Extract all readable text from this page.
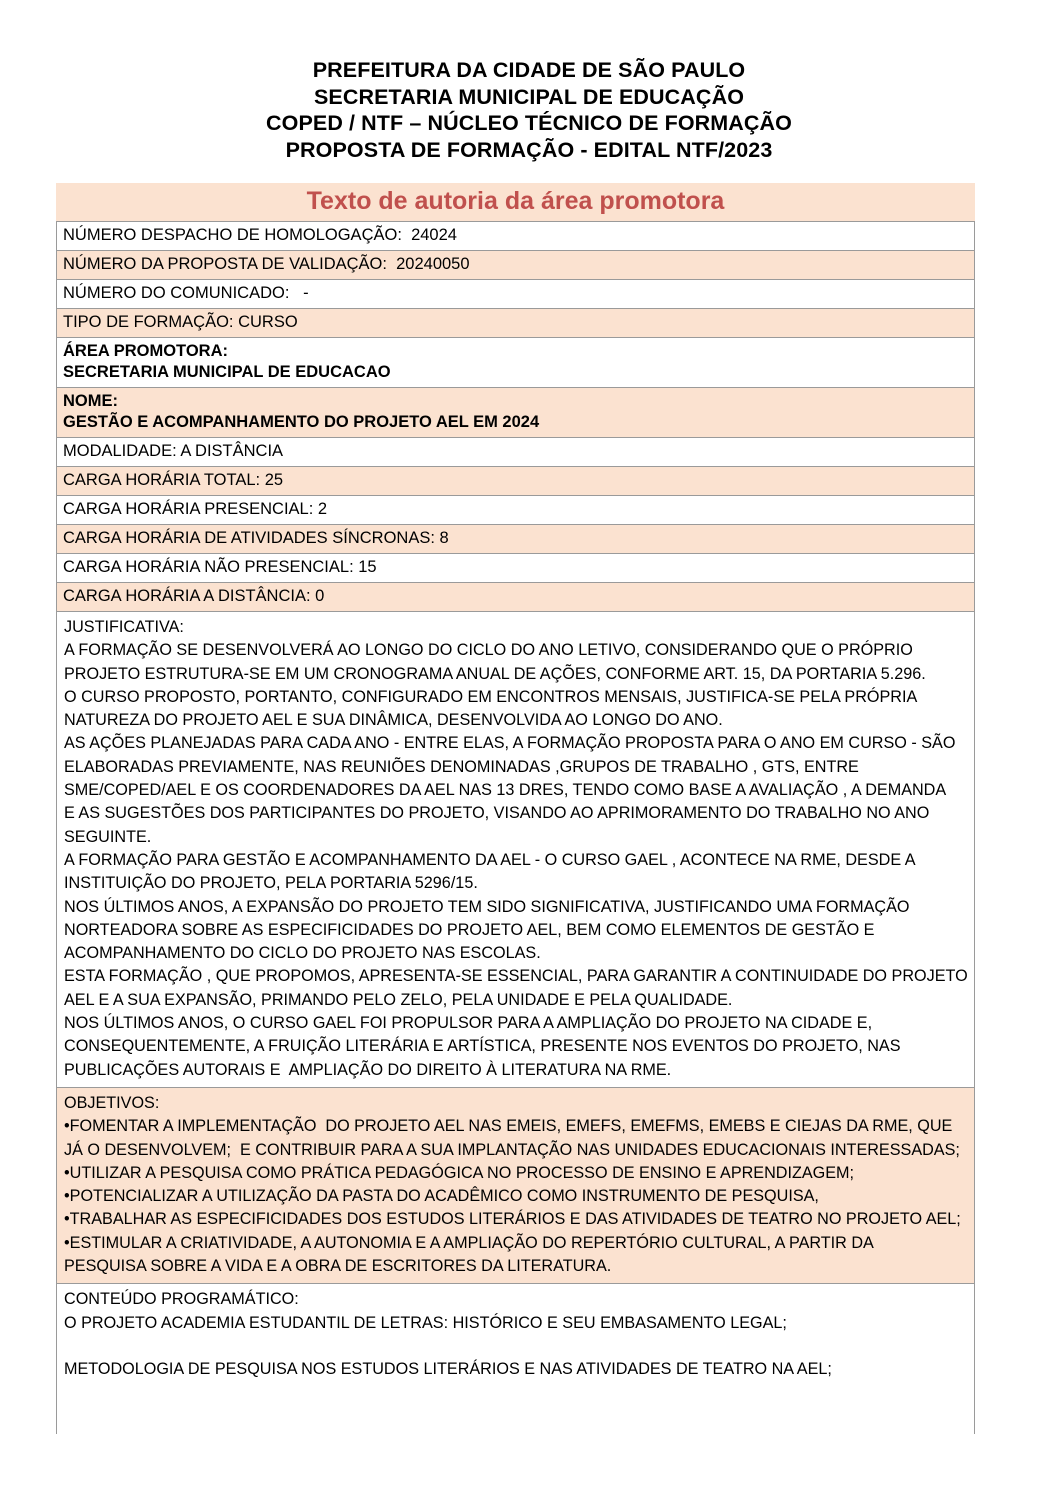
PREFEITURA DA CIDADE DE SÃO PAULO
SECRETARIA MUNICIPAL DE EDUCAÇÃO
COPED / NTF – NÚCLEO TÉCNICO DE FORMAÇÃO
PROPOSTA DE FORMAÇÃO - EDITAL NTF/2023
Texto de autoria da área promotora
NÚMERO DESPACHO DE HOMOLOGAÇÃO:  24024
NÚMERO DA PROPOSTA DE VALIDAÇÃO:  20240050
NÚMERO DO COMUNICADO:   -
TIPO DE FORMAÇÃO: CURSO
ÁREA PROMOTORA:
SECRETARIA MUNICIPAL DE EDUCACAO
NOME:
GESTÃO E ACOMPANHAMENTO DO PROJETO AEL EM 2024
MODALIDADE: A DISTÂNCIA
CARGA HORÁRIA TOTAL: 25
CARGA HORÁRIA PRESENCIAL: 2
CARGA HORÁRIA DE ATIVIDADES SÍNCRONAS: 8
CARGA HORÁRIA NÃO PRESENCIAL: 15
CARGA HORÁRIA A DISTÂNCIA: 0
JUSTIFICATIVA:
A FORMAÇÃO SE DESENVOLVERÁ AO LONGO DO CICLO DO ANO LETIVO, CONSIDERANDO QUE O PRÓPRIO
PROJETO ESTRUTURA-SE EM UM CRONOGRAMA ANUAL DE AÇÕES, CONFORME ART. 15, DA PORTARIA 5.296.
O CURSO PROPOSTO, PORTANTO, CONFIGURADO EM ENCONTROS MENSAIS, JUSTIFICA-SE PELA PRÓPRIA
NATUREZA DO PROJETO AEL E SUA DINÂMICA, DESENVOLVIDA AO LONGO DO ANO.
AS AÇÕES PLANEJADAS PARA CADA ANO - ENTRE ELAS, A FORMAÇÃO PROPOSTA PARA O ANO EM CURSO - SÃO
ELABORADAS PREVIAMENTE, NAS REUNIÕES DENOMINADAS ,GRUPOS DE TRABALHO , GTS, ENTRE
SME/COPED/AEL E OS COORDENADORES DA AEL NAS 13 DRES, TENDO COMO BASE A AVALIAÇÃO , A DEMANDA
E AS SUGESTÕES DOS PARTICIPANTES DO PROJETO, VISANDO AO APRIMORAMENTO DO TRABALHO NO ANO
SEGUINTE.
A FORMAÇÃO PARA GESTÃO E ACOMPANHAMENTO DA AEL - O CURSO GAEL , ACONTECE NA RME, DESDE A
INSTITUIÇÃO DO PROJETO, PELA PORTARIA 5296/15.
NOS ÚLTIMOS ANOS, A EXPANSÃO DO PROJETO TEM SIDO SIGNIFICATIVA, JUSTIFICANDO UMA FORMAÇÃO
NORTEADORA SOBRE AS ESPECIFICIDADES DO PROJETO AEL, BEM COMO ELEMENTOS DE GESTÃO E
ACOMPANHAMENTO DO CICLO DO PROJETO NAS ESCOLAS.
ESTA FORMAÇÃO , QUE PROPOMOS, APRESENTA-SE ESSENCIAL, PARA GARANTIR A CONTINUIDADE DO PROJETO
AEL E A SUA EXPANSÃO, PRIMANDO PELO ZELO, PELA UNIDADE E PELA QUALIDADE.
NOS ÚLTIMOS ANOS, O CURSO GAEL FOI PROPULSOR PARA A AMPLIAÇÃO DO PROJETO NA CIDADE E,
CONSEQUENTEMENTE, A FRUIÇÃO LITERÁRIA E ARTÍSTICA, PRESENTE NOS EVENTOS DO PROJETO, NAS
PUBLICAÇÕES AUTORAIS E  AMPLIAÇÃO DO DIREITO À LITERATURA NA RME.
OBJETIVOS:
•FOMENTAR A IMPLEMENTAÇÃO  DO PROJETO AEL NAS EMEIS, EMEFS, EMEFMS, EMEBS E CIEJAS DA RME, QUE
JÁ O DESENVOLVEM;  E CONTRIBUIR PARA A SUA IMPLANTAÇÃO NAS UNIDADES EDUCACIONAIS INTERESSADAS;
•UTILIZAR A PESQUISA COMO PRÁTICA PEDAGÓGICA NO PROCESSO DE ENSINO E APRENDIZAGEM;
•POTENCIALIZAR A UTILIZAÇÃO DA PASTA DO ACADÊMICO COMO INSTRUMENTO DE PESQUISA,
•TRABALHAR AS ESPECIFICIDADES DOS ESTUDOS LITERÁRIOS E DAS ATIVIDADES DE TEATRO NO PROJETO AEL;
•ESTIMULAR A CRIATIVIDADE, A AUTONOMIA E A AMPLIAÇÃO DO REPERTÓRIO CULTURAL, A PARTIR DA
PESQUISA SOBRE A VIDA E A OBRA DE ESCRITORES DA LITERATURA.
CONTEÚDO PROGRAMÁTICO:
O PROJETO ACADEMIA ESTUDANTIL DE LETRAS: HISTÓRICO E SEU EMBASAMENTO LEGAL;
METODOLOGIA DE PESQUISA NOS ESTUDOS LITERÁRIOS E NAS ATIVIDADES DE TEATRO NA AEL;
